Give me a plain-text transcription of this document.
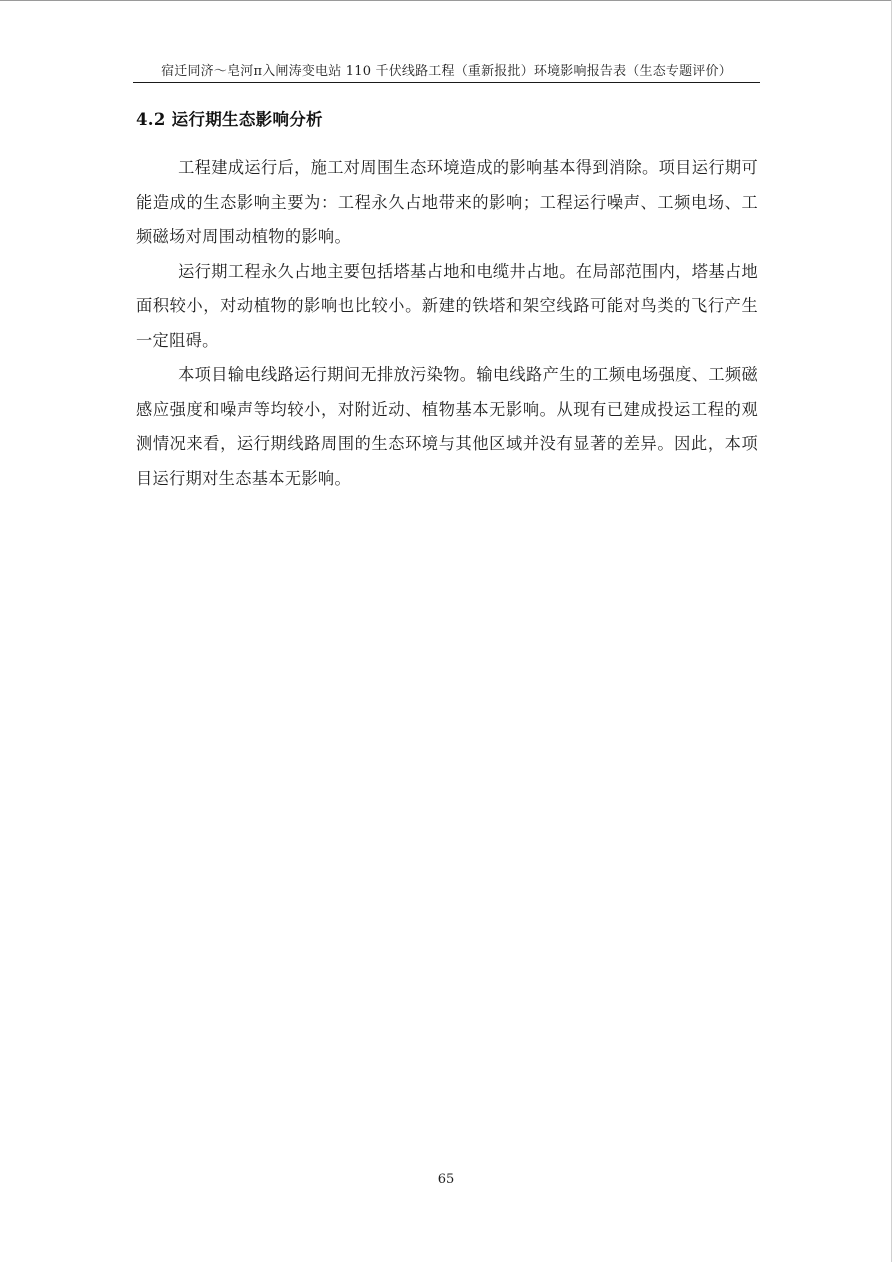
宿迁同济～皂河π入闸涛变电站 110 千伏线路工程（重新报批）环境影响报告表（生态专题评价）
4.2 运行期生态影响分析

工程建成运行后，施工对周围生态环境造成的影响基本得到消除。项目运行期可能造成的生态影响主要为：工程永久占地带来的影响；工程运行噪声、工频电场、工频磁场对周围动植物的影响。

运行期工程永久占地主要包括塔基占地和电缆井占地。在局部范围内，塔基占地面积较小，对动植物的影响也比较小。新建的铁塔和架空线路可能对鸟类的飞行产生一定阻碍。

本项目输电线路运行期间无排放污染物。输电线路产生的工频电场强度、工频磁感应强度和噪声等均较小，对附近动、植物基本无影响。从现有已建成投运工程的观测情况来看，运行期线路周围的生态环境与其他区域并没有显著的差异。因此，本项目运行期对生态基本无影响。

65
